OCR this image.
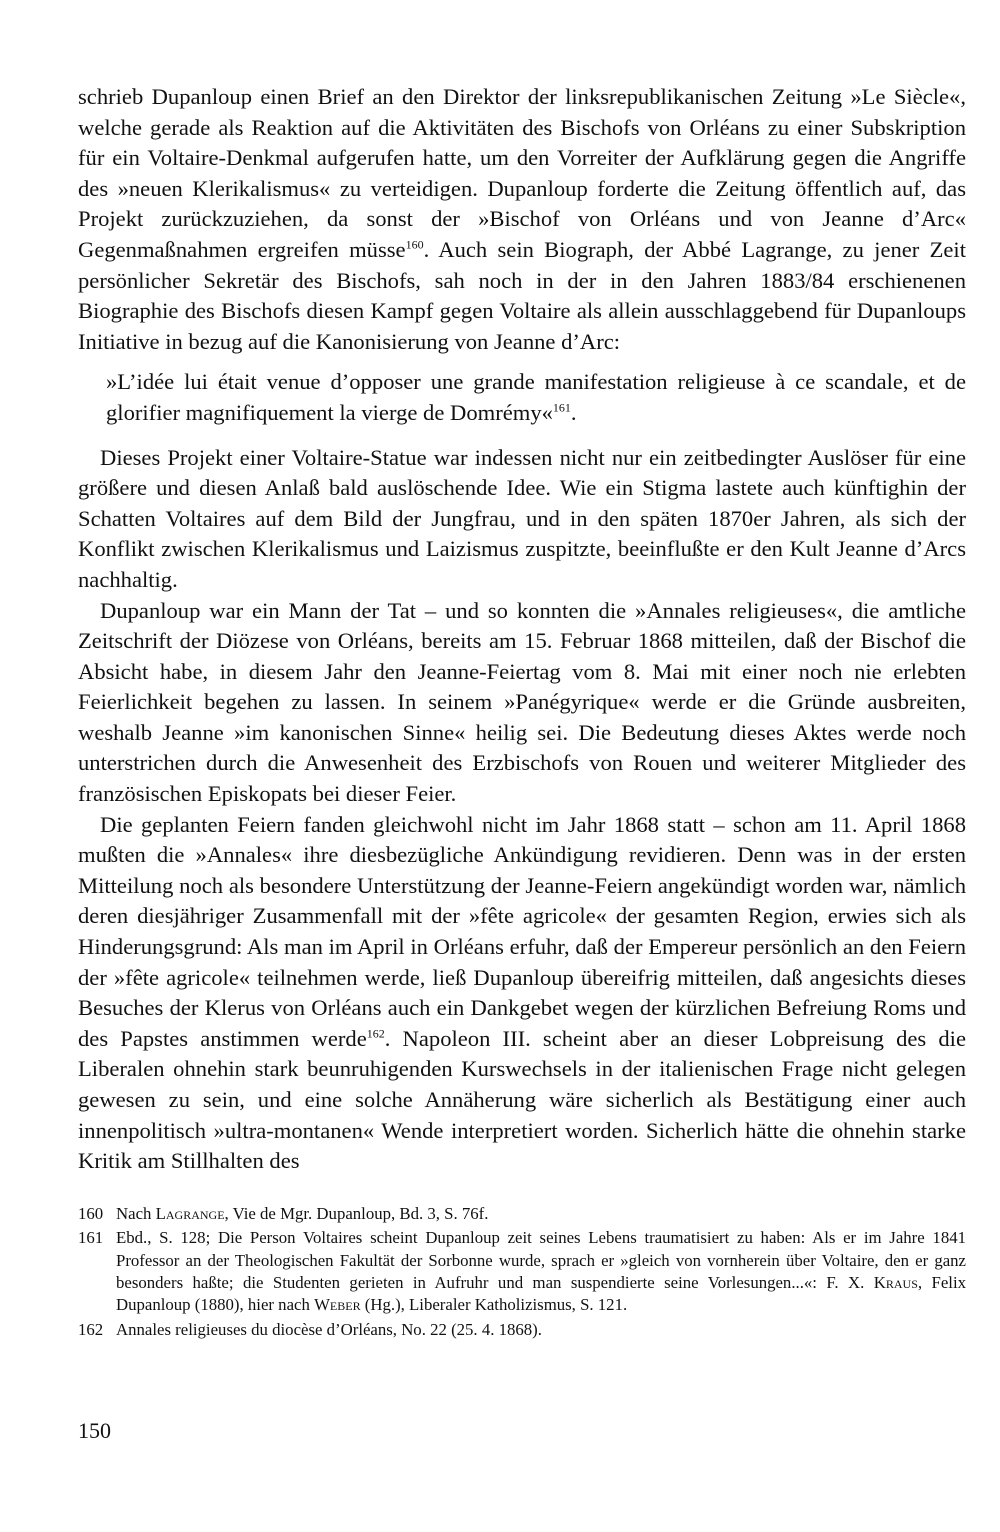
schrieb Dupanloup einen Brief an den Direktor der linksrepublikanischen Zeitung »Le Siècle«, welche gerade als Reaktion auf die Aktivitäten des Bischofs von Orléans zu einer Subskription für ein Voltaire-Denkmal aufgerufen hatte, um den Vorreiter der Aufklärung gegen die Angriffe des »neuen Klerikalismus« zu verteidigen. Dupanloup forderte die Zeitung öffentlich auf, das Projekt zurückzuziehen, da sonst der »Bischof von Orléans und von Jeanne d’Arc« Gegenmaßnahmen ergreifen müsse$^{160}$. Auch sein Biograph, der Abbé Lagrange, zu jener Zeit persönlicher Sekretär des Bischofs, sah noch in der in den Jahren 1883/84 erschienenen Biographie des Bischofs diesen Kampf gegen Voltaire als allein ausschlaggebend für Dupanloups Initiative in bezug auf die Kanonisierung von Jeanne d’Arc:

»L’idée lui était venue d’opposer une grande manifestation religieuse à ce scandale, et de glorifier magnifiquement la vierge de Domrémy«$^{161}$.

Dieses Projekt einer Voltaire-Statue war indessen nicht nur ein zeitbedingter Auslöser für eine größere und diesen Anlaß bald auslöschende Idee. Wie ein Stigma lastete auch künftighin der Schatten Voltaires auf dem Bild der Jungfrau, und in den späten 1870er Jahren, als sich der Konflikt zwischen Klerikalismus und Laizismus zuspitzte, beeinflußte er den Kult Jeanne d’Arcs nachhaltig.

Dupanloup war ein Mann der Tat – und so konnten die »Annales religieuses«, die amtliche Zeitschrift der Diözese von Orléans, bereits am 15. Februar 1868 mitteilen, daß der Bischof die Absicht habe, in diesem Jahr den Jeanne-Feiertag vom 8. Mai mit einer noch nie erlebten Feierlichkeit begehen zu lassen. In seinem »Panégyrique« werde er die Gründe ausbreiten, weshalb Jeanne »im kanonischen Sinne« heilig sei. Die Bedeutung dieses Aktes werde noch unterstrichen durch die Anwesenheit des Erzbischofs von Rouen und weiterer Mitglieder des französischen Episkopats bei dieser Feier.

Die geplanten Feiern fanden gleichwohl nicht im Jahr 1868 statt – schon am 11. April 1868 mußten die »Annales« ihre diesbezügliche Ankündigung revidieren. Denn was in der ersten Mitteilung noch als besondere Unterstützung der Jeanne-Feiern angekündigt worden war, nämlich deren diesjähriger Zusammenfall mit der »fête agricole« der gesamten Region, erwies sich als Hinderungsgrund: Als man im April in Orléans erfuhr, daß der Empereur persönlich an den Feiern der »fête agricole« teilnehmen werde, ließ Dupanloup übereifrig mitteilen, daß angesichts dieses Besuches der Klerus von Orléans auch ein Dankgebet wegen der kürzlichen Befreiung Roms und des Papstes anstimmen werde$^{162}$. Napoleon III. scheint aber an dieser Lobpreisung des die Liberalen ohnehin stark beunruhigenden Kurswechsels in der italienischen Frage nicht gelegen gewesen zu sein, und eine solche Annäherung wäre sicherlich als Bestätigung einer auch innenpolitisch »ultra-montanen« Wende interpretiert worden. Sicherlich hätte die ohnehin starke Kritik am Stillhalten des

160 Nach Lagrange, Vie de Mgr. Dupanloup, Bd. 3, S. 76f.
161 Ebd., S. 128; Die Person Voltaires scheint Dupanloup zeit seines Lebens traumatisiert zu haben: Als er im Jahre 1841 Professor an der Theologischen Fakultät der Sorbonne wurde, sprach er »gleich von vornherein über Voltaire, den er ganz besonders haßte; die Studenten gerieten in Aufruhr und man suspendierte seine Vorlesungen...«: F. X. Kraus, Felix Dupanloup (1880), hier nach Weber (Hg.), Liberaler Katholizismus, S. 121.
162 Annales religieuses du diocèse d’Orléans, No. 22 (25. 4. 1868).
150
